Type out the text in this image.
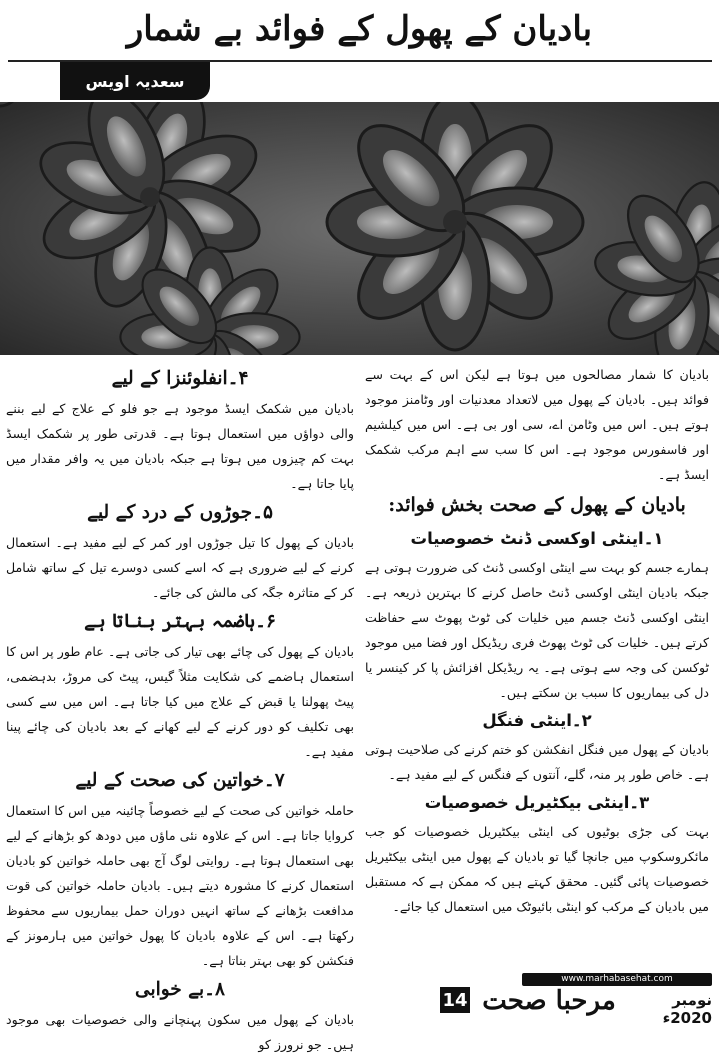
بادیان کے پھول کے فوائد بے شمار
سعدیہ اویس

بادیان کا شمار مصالحوں میں ہوتا ہے لیکن اس کے بہت سے فوائد ہیں۔ بادیان کے پھول میں لاتعداد معدنیات اور وٹامنز موجود ہوتے ہیں۔ اس میں وٹامن اے، سی اور بی ہے۔ اس میں کیلشیم اور فاسفورس موجود ہے۔ اس کا سب سے اہم مرکب شکمک ایسڈ ہے۔

بادیان کے پھول کے صحت بخش فوائد:
۱۔اینٹی اوکسی ڈنٹ خصوصیات

ہمارے جسم کو بہت سے اینٹی اوکسی ڈنٹ کی ضرورت ہوتی ہے جبکہ بادیان اینٹی اوکسی ڈنٹ حاصل کرنے کا بہترین ذریعہ ہے۔ اینٹی اوکسی ڈنٹ جسم میں خلیات کی ٹوٹ پھوٹ سے حفاظت کرتے ہیں۔ خلیات کی ٹوٹ پھوٹ فری ریڈیکل اور فضا میں موجود ٹوکسن کی وجہ سے ہوتی ہے۔ یہ ریڈیکل افزائش پا کر کینسر یا دل کی بیماریوں کا سبب بن سکتے ہیں۔

۲۔اینٹی فنگل

بادیان کے پھول میں فنگل انفکشن کو ختم کرنے کی صلاحیت ہوتی ہے۔ خاص طور پر منہ، گلے، آنتوں کے فنگس کے لیے مفید ہے۔

۳۔اینٹی بیکٹیریل خصوصیات

بہت کی جڑی بوٹیوں کی اینٹی بیکٹیریل خصوصیات کو جب مائکروسکوپ میں جانچا گیا تو بادیان کے پھول میں اینٹی بیکٹیریل خصوصیات پائی گئیں۔ محقق کہتے ہیں کہ ممکن ہے کہ مستقبل میں بادیان کے مرکب کو اینٹی بائیوٹک میں استعمال کیا جائے۔

۴۔انفلوئنزا کے لیے

بادیان میں شکمک ایسڈ موجود ہے جو فلو کے علاج کے لیے بننے والی دواؤں میں استعمال ہوتا ہے۔ قدرتی طور پر شکمک ایسڈ بہت کم چیزوں میں ہوتا ہے جبکہ بادیان میں یہ وافر مقدار میں پایا جاتا ہے۔

۵۔جوڑوں کے درد کے لیے

بادیان کے پھول کا تیل جوڑوں اور کمر کے لیے مفید ہے۔ استعمال کرنے کے لیے ضروری ہے کہ اسے کسی دوسرے تیل کے ساتھ شامل کر کے متاثرہ جگہ کی مالش کی جائے۔

۶۔ہاضمہ بہتر بناتا ہے

بادیان کے پھول کی چائے بھی تیار کی جاتی ہے۔ عام طور پر اس کا استعمال ہاضمے کی شکایت مثلاً گیس، پیٹ کی مروڑ، بدہضمی، پیٹ پھولنا یا قبض کے علاج میں کیا جاتا ہے۔ اس میں سے کسی بھی تکلیف کو دور کرنے کے لیے کھانے کے بعد بادیان کی چائے پینا مفید ہے۔

۷۔خواتین کی صحت کے لیے

حاملہ خواتین کی صحت کے لیے خصوصاً چائینہ میں اس کا استعمال کروایا جاتا ہے۔ اس کے علاوہ نئی ماؤں میں دودھ کو بڑھانے کے لیے بھی استعمال ہوتا ہے۔ روایتی لوگ آج بھی حاملہ خواتین کو بادیان استعمال کرنے کا مشورہ دیتے ہیں۔ بادیان حاملہ خواتین کی قوت مدافعت بڑھانے کے ساتھ انہیں دوران حمل بیماریوں سے محفوظ رکھتا ہے۔ اس کے علاوہ بادیان کا پھول خواتین میں ہارمونز کے فنکشن کو بھی بہتر بناتا ہے۔

۸۔بے خوابی

بادیان کے پھول میں سکون پہنچانے والی خصوصیات بھی موجود ہیں۔ جو نرورز کو

www.marhabasehat.com
14 مرحبا صحت	نومبر 2020ء
